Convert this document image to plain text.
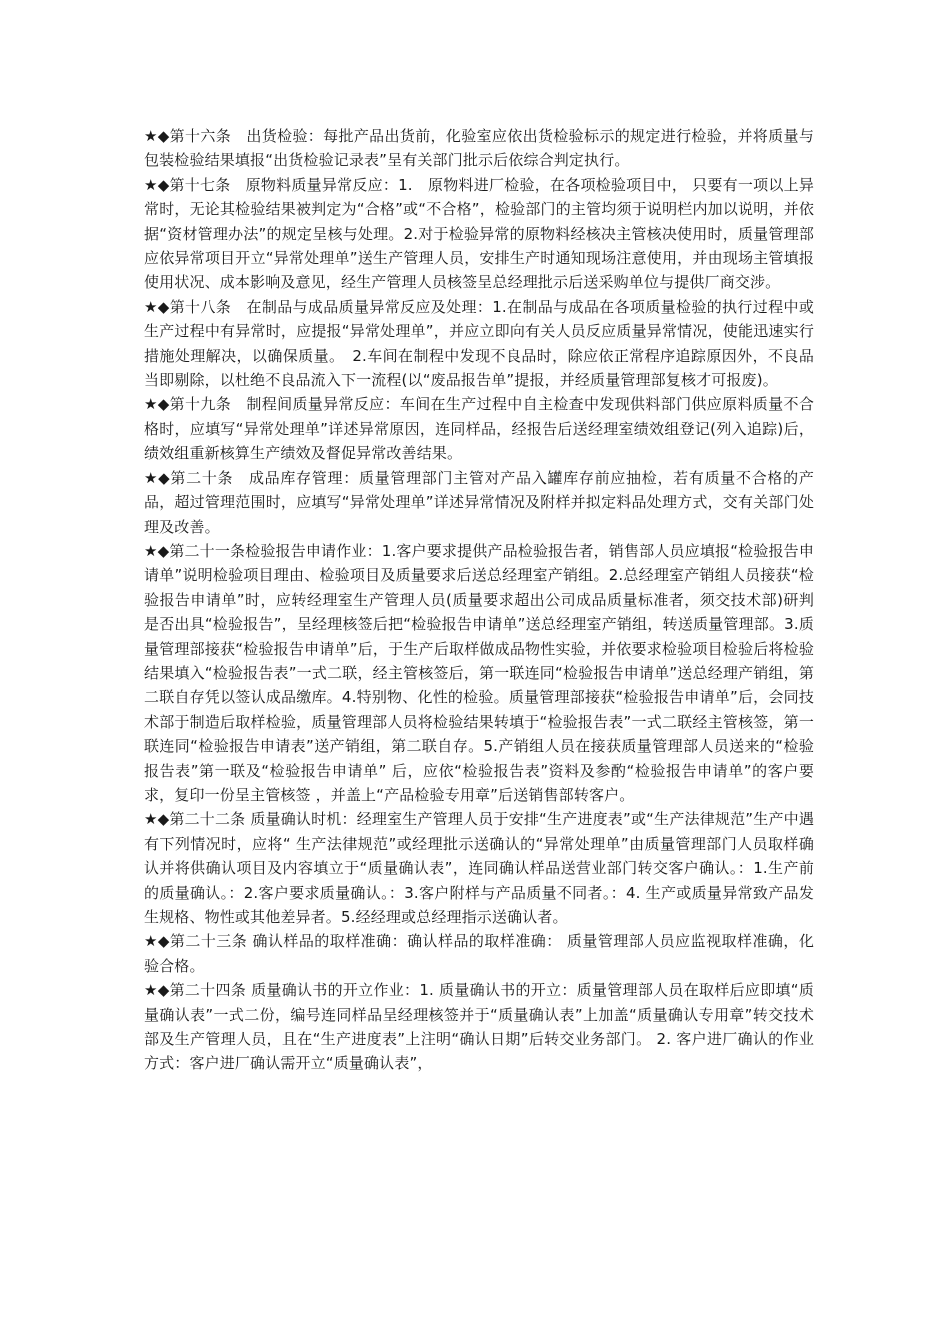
★◆第十六条　出货检验：每批产品出货前，化验室应依出货检验标示的规定进行检验，并将质量与包装检验结果填报“出货检验记录表”呈有关部门批示后依综合判定执行。

★◆第十七条　原物料质量异常反应：1.　原物料进厂检验，在各项检验项目中， 只要有一项以上异常时，无论其检验结果被判定为“合格”或“不合格”，检验部门的主管均须于说明栏内加以说明，并依据“资材管理办法”的规定呈核与处理。2.对于检验异常的原物料经核决主管核决使用时，质量管理部应依异常项目开立“异常处理单”送生产管理人员，安排生产时通知现场注意使用，并由现场主管填报使用状况、成本影响及意见，经生产管理人员核签呈总经理批示后送采购单位与提供厂商交涉。

★◆第十八条　在制品与成品质量异常反应及处理：1.在制品与成品在各项质量检验的执行过程中或生产过程中有异常时，应提报“异常处理单”，并应立即向有关人员反应质量异常情况，使能迅速实行措施处理解决，以确保质量。　2.车间在制程中发现不良品时，除应依正常程序追踪原因外，不良品当即剔除，以杜绝不良品流入下一流程(以“废品报告单”提报，并经质量管理部复核才可报废)。

★◆第十九条　制程间质量异常反应：车间在生产过程中自主检查中发现供料部门供应原料质量不合格时，应填写“异常处理单”详述异常原因，连同样品，经报告后送经理室绩效组登记(列入追踪)后，绩效组重新核算生产绩效及督促异常改善结果。

★◆第二十条　成品库存管理：质量管理部门主管对产品入罐库存前应抽检，若有质量不合格的产品，超过管理范围时，应填写“异常处理单”详述异常情况及附样并拟定料品处理方式，交有关部门处理及改善。

★◆第二十一条检验报告申请作业：1.客户要求提供产品检验报告者，销售部人员应填报“检验报告申请单”说明检验项目理由、检验项目及质量要求后送总经理室产销组。2.总经理室产销组人员接获“检验报告申请单”时，应转经理室生产管理人员(质量要求超出公司成品质量标准者，须交技术部)研判是否出具“检验报告”，呈经理核签后把“检验报告申请单”送总经理室产销组，转送质量管理部。3.质量管理部接获“检验报告申请单”后，于生产后取样做成品物性实验，并依要求检验项目检验后将检验结果填入“检验报告表”一式二联，经主管核签后，第一联连同“检验报告申请单”送总经理产销组，第二联自存凭以签认成品缴库。4.特别物、化性的检验。质量管理部接获“检验报告申请单”后，会同技术部于制造后取样检验，质量管理部人员将检验结果转填于“检验报告表”一式二联经主管核签，第一联连同“检验报告申请表”送产销组，第二联自存。5.产销组人员在接获质量管理部人员送来的“检验报告表”第一联及“检验报告申请单” 后，应依“检验报告表”资料及参酌“检验报告申请单”的客户要求，复印一份呈主管核签 ，并盖上“产品检验专用章”后送销售部转客户。

★◆第二十二条 质量确认时机：经理室生产管理人员于安排“生产进度表”或“生产法律规范”生产中遇有下列情况时，应将“ 生产法律规范”或经理批示送确认的“异常处理单”由质量管理部门人员取样确认并将供确认项目及内容填立于“质量确认表”，连同确认样品送营业部门转交客户确认。：1.生产前的质量确认。：2.客户要求质量确认。：3.客户附样与产品质量不同者。：4. 生产或质量异常致产品发生规格、物性或其他差异者。5.经经理或总经理指示送确认者。

★◆第二十三条 确认样品的取样准确：确认样品的取样准确： 质量管理部人员应监视取样准确，化验合格。

★◆第二十四条 质量确认书的开立作业：1. 质量确认书的开立：质量管理部人员在取样后应即填“质量确认表”一式二份，编号连同样品呈经理核签并于“质量确认表”上加盖“质量确认专用章”转交技术部及生产管理人员，且在“生产进度表”上注明“确认日期”后转交业务部门。 2. 客户进厂确认的作业方式：客户进厂确认需开立“质量确认表”，
